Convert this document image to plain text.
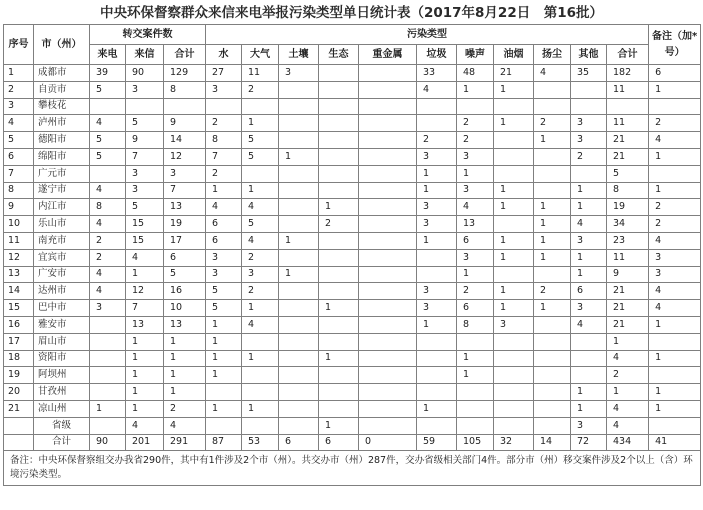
中央环保督察群众来信来电举报污染类型单日统计表（2017年8月22日　第16批）
序号	市（州）	转交案件数			污染类型											备注（加*号）
		来电	来信	合计	水	大气	土壤	生态	重金属	垃圾	噪声	油烟	扬尘	其他	合计	
1	成都市	39	90	129	27	11	3			33	48	21	4	35	182	6
2	自贡市	5	3	8	3	2				4	1	1			11	1
3	攀枝花															
4	泸州市	4	5	9	2	1					2	1	2	3	11	2
5	德阳市	5	9	14	8	5				2	2		1	3	21	4
6	绵阳市	5	7	12	7	5	1			3	3			2	21	1
7	广元市		3	3	2					1	1				5	
8	遂宁市	4	3	7	1	1				1	3	1		1	8	1
9	内江市	8	5	13	4	4		1		3	4	1	1	1	19	2
10	乐山市	4	15	19	6	5		2		3	13		1	4	34	2
11	南充市	2	15	17	6	4	1			1	6	1	1	3	23	4
12	宜宾市	2	4	6	3	2					3	1	1	1	11	3
13	广安市	4	1	5	3	3	1				1			1	9	3
14	达州市	4	12	16	5	2				3	2	1	2	6	21	4
15	巴中市	3	7	10	5	1		1		3	6	1	1	3	21	4
16	雅安市		13	13	1	4				1	8	3		4	21	1
17	眉山市		1	1	1										1	
18	资阳市		1	1	1	1		1			1				4	1
19	阿坝州		1	1	1						1				2	
20	甘孜州		1	1										1	1	1
21	凉山州	1	1	2	1	1				1				1	4	1
	省级		4	4				1						3	4	
	合计	90	201	291	87	53	6	6	0	59	105	32	14	72	434	41
备注：中央环保督察组交办我省290件，其中有1件涉及2个市（州）。共交办市（州）287件，交办省级相关部门4件。部分市（州）移交案件涉及2个以上（含）环境污染类型。																
